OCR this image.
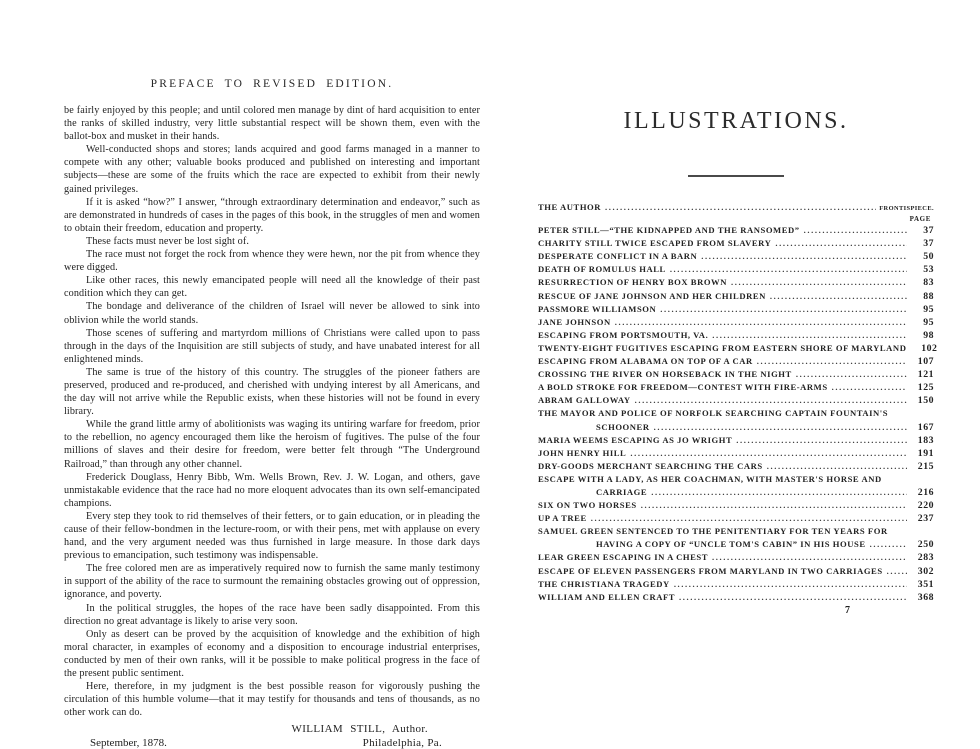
PREFACE TO REVISED EDITION.

be fairly enjoyed by this people; and until colored men manage by dint of hard acquisition to enter the ranks of skilled industry, very little substantial respect will be shown them, even with the ballot-box and musket in their hands.

Well-conducted shops and stores; lands acquired and good farms managed in a manner to compete with any other; valuable books produced and published on interesting and important subjects—these are some of the fruits which the race are expected to exhibit from their newly gained privileges.

If it is asked “how?” I answer, “through extraordinary determination and endeavor,” such as are demonstrated in hundreds of cases in the pages of this book, in the struggles of men and women to obtain their freedom, education and property.

These facts must never be lost sight of.

The race must not forget the rock from whence they were hewn, nor the pit from whence they were digged.

Like other races, this newly emancipated people will need all the knowledge of their past condition which they can get.

The bondage and deliverance of the children of Israel will never be allowed to sink into oblivion while the world stands.

Those scenes of suffering and martyrdom millions of Christians were called upon to pass through in the days of the Inquisition are still subjects of study, and have unabated interest for all enlightened minds.

The same is true of the history of this country. The struggles of the pioneer fathers are preserved, produced and re-produced, and cherished with undying interest by all Americans, and the day will not arrive while the Republic exists, when these histories will not be found in every library.

While the grand little army of abolitionists was waging its untiring warfare for freedom, prior to the rebellion, no agency encouraged them like the heroism of fugitives. The pulse of the four millions of slaves and their desire for freedom, were better felt through “The Underground Railroad,” than through any other channel.

Frederick Douglass, Henry Bibb, Wm. Wells Brown, Rev. J. W. Logan, and others, gave unmistakable evidence that the race had no more eloquent advocates than its own self-emancipated champions.

Every step they took to rid themselves of their fetters, or to gain education, or in pleading the cause of their fellow-bondmen in the lecture-room, or with their pens, met with applause on every hand, and the very argument needed was thus furnished in large measure. In those dark days previous to emancipation, such testimony was indispensable.

The free colored men are as imperatively required now to furnish the same manly testimony in support of the ability of the race to surmount the remaining obstacles growing out of oppression, ignorance, and poverty.

In the political struggles, the hopes of the race have been sadly disappointed. From this direction no great advantage is likely to arise very soon.

Only as desert can be proved by the acquisition of knowledge and the exhibition of high moral character, in examples of economy and a disposition to encourage industrial enterprises, conducted by men of their own ranks, will it be possible to make political progress in the face of the present public sentiment.

Here, therefore, in my judgment is the best possible reason for vigorously pushing the circulation of this humble volume—that it may testify for thousands and tens of thousands, as no other work can do.

WILLIAM STILL, Author.
September, 1878.	Philadelphia, Pa.
ILLUSTRATIONS.
THE AUTHOR .....	FRONTISPIECE.
PAGE
PETER STILL—“THE KIDNAPPED AND THE RANSOMED” .....	37
CHARITY STILL TWICE ESCAPED FROM SLAVERY .....	37
DESPERATE CONFLICT IN A BARN .....	50
DEATH OF ROMULUS HALL .....	53
RESURRECTION OF HENRY BOX BROWN .....	83
RESCUE OF JANE JOHNSON AND HER CHILDREN .....	88
PASSMORE WILLIAMSON .....	95
JANE JOHNSON .....	95
ESCAPING FROM PORTSMOUTH, VA. .....	98
TWENTY-EIGHT FUGITIVES ESCAPING FROM EASTERN SHORE OF MARYLAND	102
ESCAPING FROM ALABAMA ON TOP OF A CAR .....	107
CROSSING THE RIVER ON HORSEBACK IN THE NIGHT .....	121
A BOLD STROKE FOR FREEDOM—CONTEST WITH FIRE-ARMS .....	125
ABRAM GALLOWAY .....	150
THE MAYOR AND POLICE OF NORFOLK SEARCHING CAPTAIN FOUNTAIN'S
SCHOONER .....	167
MARIA WEEMS ESCAPING AS JO WRIGHT .....	183
JOHN HENRY HILL .....	191
DRY-GOODS MERCHANT SEARCHING THE CARS .....	215
ESCAPE WITH A LADY, AS HER COACHMAN, WITH MASTER'S HORSE AND
CARRIAGE .....	216
SIX ON TWO HORSES .....	220
UP A TREE .....	237
SAMUEL GREEN SENTENCED TO THE PENITENTIARY FOR TEN YEARS FOR
HAVING A COPY OF “UNCLE TOM'S CABIN” IN HIS HOUSE .....	250
LEAR GREEN ESCAPING IN A CHEST .....	283
ESCAPE OF ELEVEN PASSENGERS FROM MARYLAND IN TWO CARRIAGES .....	302
THE CHRISTIANA TRAGEDY .....	351
WILLIAM AND ELLEN CRAFT .....	368
7
